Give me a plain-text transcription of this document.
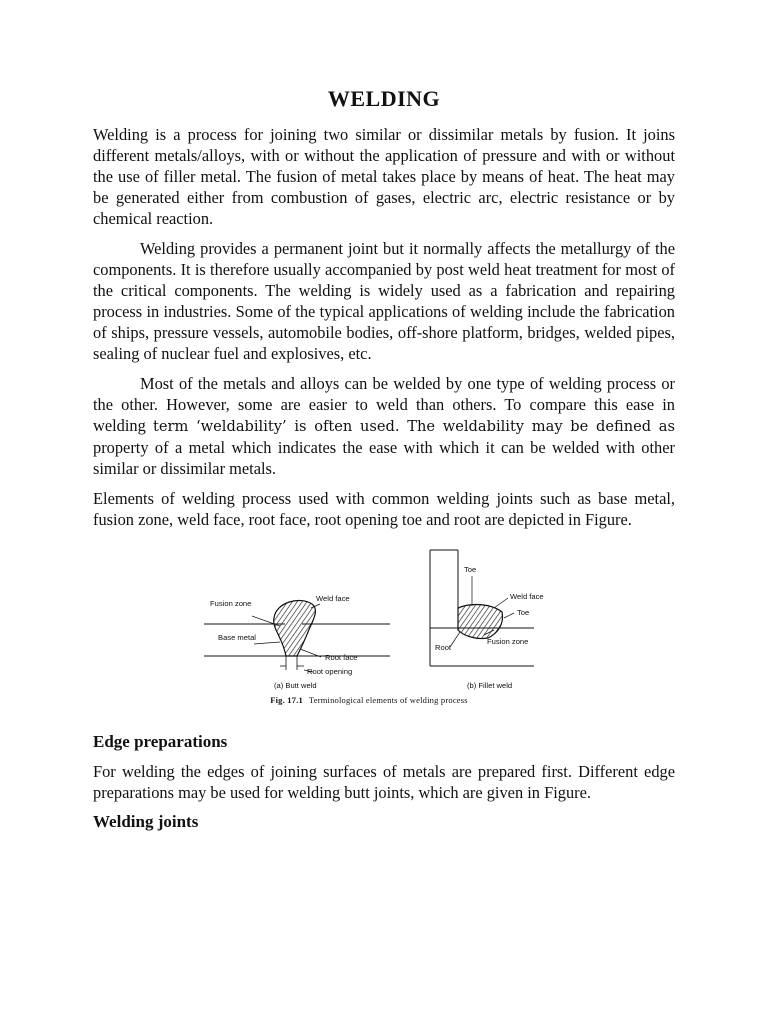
WELDING

Welding is a process for joining two similar or dissimilar metals by fusion. It joins different metals/alloys, with or without the application of pressure and with or without the use of filler metal. The fusion of metal takes place by means of heat. The heat may be generated either from combustion of gases, electric arc, electric resistance or by chemical reaction.

Welding provides a permanent joint but it normally affects the metallurgy of the components. It is therefore usually accompanied by post weld heat treatment for most of the critical components. The welding is widely used as a fabrication and repairing process in industries. Some of the typical applications of welding include the fabrication of ships, pressure vessels, automobile bodies, off-shore platform, bridges, welded pipes, sealing of nuclear fuel and explosives, etc.

Most of the metals and alloys can be welded by one type of welding process or the other. However, some are easier to weld than others. To compare this ease in welding term ‘weldability’ is often used. The weldability may be defined as property of a metal which indicates the ease with which it can be welded with other similar or dissimilar metals.

Elements of welding process used with common welding joints such as base metal, fusion zone, weld face, root face, root opening toe and root are depicted in Figure.

Fusion zone
Weld face
Base metal
Root face
Root opening
(a) Butt weld
Toe
Weld face
Toe
Fusion zone
Root
(b) Fillet weld
Fig. 17.1 Terminological elements of welding process
Edge preparations

For welding the edges of joining surfaces of metals are prepared first. Different edge preparations may be used for welding butt joints, which are given in Figure.

Welding joints
